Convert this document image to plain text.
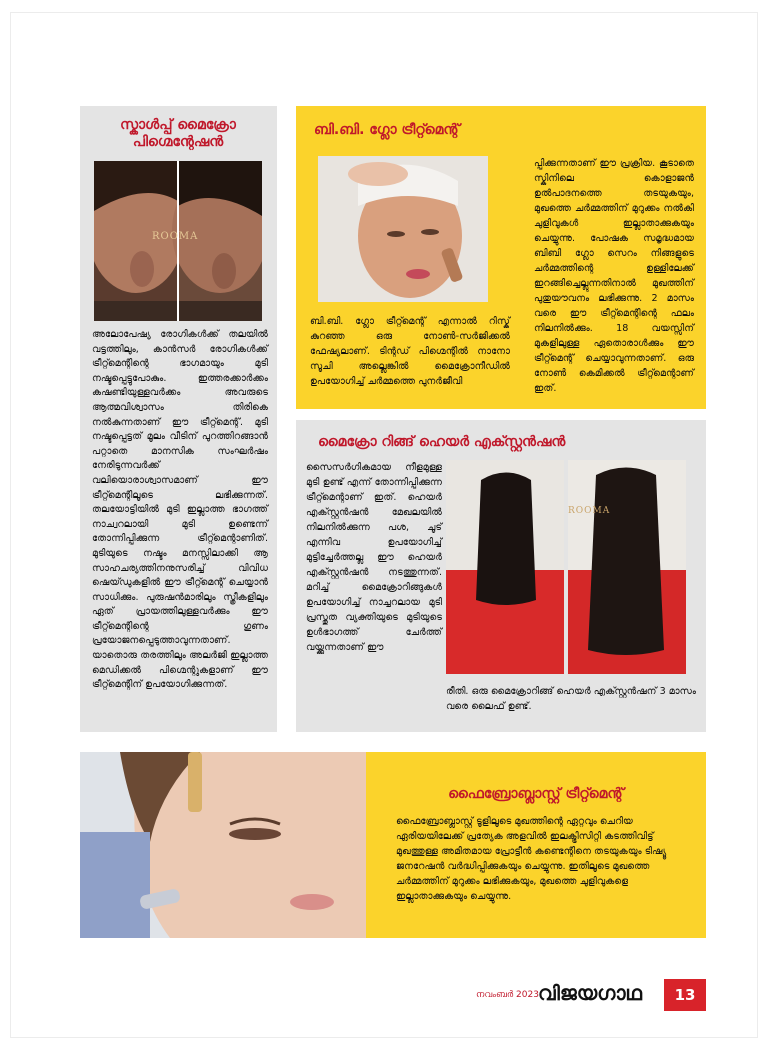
സ്കാൾപ്പ് മൈക്രോ പിഗ്മെന്റേഷൻ
ROOMA
അലോപേഷ്യ രോഗികൾക്ക് തലയിൽ വട്ടത്തിലും, കാൻസർ രോഗികൾക്ക് ട്രീറ്റ്മെന്റിന്റെ ഭാഗമായും മുടി നഷ്ടപ്പെട്ടുപോകും. ഇത്തരക്കാർക്കം കഷണ്ടിയുള്ളവർക്കം അവരുടെ ആത്മവിശ്വാസം തിരികെ നൽകുന്നതാണ് ഈ ട്രീറ്റ്മെന്റ്. മുടി നഷ്ടപ്പെട്ടത് മൂലം വീടിന് പുറത്തിറങ്ങാൻ പറ്റാതെ മാനസിക സംഘർഷം നേരിടുന്നവർക്ക് വലിയൊരാശ്വാസമാണ് ഈ ട്രീറ്റ്മെന്റിലൂടെ ലഭിക്കുന്നത്. തലയോട്ടിയിൽ മുടി ഇല്ലാത്ത ഭാഗത്ത് നാച്വറലായി മുടി ഉണ്ടെന്ന് തോന്നിപ്പിക്കുന്ന ട്രീറ്റ്മെന്റാണിത്. മുടിയുടെ നഷ്ടം മനസ്സിലാക്കി ആ സാഹചര്യത്തിനനുസരിച്ച് വിവിധ ഷെയ്ഡുകളിൽ ഈ ട്രീറ്റ്മെന്റ് ചെയ്യാൻ സാധിക്കും. പുരുഷൻമാരിലും സ്ത്രീകളിലും ഏത് പ്രായത്തിലുള്ളവർക്കും ഈ ട്രീറ്റ്മെന്റിന്റെ ഗുണം പ്രയോജനപ്പെടുത്താവുന്നതാണ്. യാതൊരു തരത്തിലും അലർജി ഇല്ലാത്ത മെഡിക്കൽ പിഗ്മെന്റുകളാണ് ഈ ട്രീറ്റ്മെന്റിന് ഉപയോഗിക്കുന്നത്.
ബി.ബി. ഗ്ലോ ട്രീറ്റ്മെന്റ്
ബി.ബി. ഗ്ലോ ട്രീറ്റ്മെന്റ് എന്നാൽ റിസ്ക് കുറഞ്ഞ ഒരു നോൺ-സർജിക്കൽ ഫേഷ്യലാണ്. ടിന്റഡ് പിഗ്മെന്റിൽ നാനോ സൂചി അല്ലെങ്കിൽ മൈക്രോനീഡിൽ ഉപയോഗിച്ച് ചർമ്മത്തെ പുനർജീവി
പ്പിക്കുന്നതാണ് ഈ പ്രക്രിയ. കൂടാതെ സ്കിനിലെ കൊളാജൻ ഉൽപാദനത്തെ തടയുകയും, മുഖത്തെ ചർമ്മത്തിന് മുറുക്കം നൽകി ചുളിവുകൾ ഇല്ലാതാക്കുകയും ചെയ്യുന്നു. പോഷക സമൃദ്ധമായ ബിബി ഗ്ലോ സെറം നിങ്ങളുടെ ചർമ്മത്തിന്റെ ഉള്ളിലേക്ക് ഇറങ്ങിച്ചെല്ലുന്നതിനാൽ മുഖത്തിന് പുതുയൗവനം ലഭിക്കുന്നു. 2 മാസം വരെ ഈ ട്രീറ്റ്മെന്റിന്റെ ഫലം നിലനിൽക്കും. 18 വയസ്സിന് മുകളിലുള്ള ഏതൊരാൾക്കും ഈ ട്രീറ്റ്മെന്റ് ചെയ്യാവുന്നതാണ്. ഒരു നോൺ കെമിക്കൽ ട്രീറ്റ്മെന്റാണ് ഇത്.
മൈക്രോ റിങ്ങ് ഹെയർ എക്സ്റ്റൻഷൻ
സൈസർഗികമായ നീളമുള്ള മുടി ഉണ്ട് എന്ന് തോന്നിപ്പിക്കുന്ന ട്രീറ്റ്മെന്റാണ് ഇത്. ഹെയർ എക്സ്റ്റൻഷൻ മേഖലയിൽ നിലനിൽക്കുന്ന പശ, ചൂട് എന്നിവ ഉപയോഗിച്ച് മുട്ടിച്ചേർത്തല്ല ഈ ഹെയർ എക്സ്റ്റൻഷൻ നടത്തുന്നത്. മറിച്ച് മൈക്രോറിങ്ങുകൾ ഉപയോഗിച്ച് നാച്ചറലായ മുടി പ്രസ്തുത വ്യക്തിയുടെ മുടിയുടെ ഉൾഭാഗത്ത് ചേർത്ത് വയ്ക്കുന്നതാണ് ഈ
ROOMA
രീതി. ഒരു മൈക്രോറിങ്ങ് ഹെയർ എക്സ്റ്റൻഷന് 3 മാസം വരെ ലൈഫ് ഉണ്ട്.
ഫൈബ്രോബ്ലാസ്റ്റ് ട്രീറ്റ്മെന്റ്
ഫൈബ്രോബ്ലാസ്റ്റ് ടൂളിലൂടെ മുഖത്തിന്റെ ഏറ്റവും ചെറിയ ഏരിയയിലേക്ക് പ്രത്യേക അളവിൽ ഇലക്ട്രിസിറ്റി കടത്തിവിട്ട് മുഖത്തുള്ള അമിതമായ പ്രോട്ടീൻ കണ്ടെന്റിനെ തടയുകയും ടിഷ്യൂ ജനറേഷൻ വർദ്ധിപ്പിക്കുകയും ചെയ്യുന്നു. ഇതിലൂടെ മുഖത്തെ ചർമ്മത്തിന് മുറുക്കം ലഭിക്കുകയും, മുഖത്തെ ചുളിവുകളെ ഇല്ലാതാക്കുകയും ചെയ്യുന്നു.
നവംബർ 2023 വിജയഗാഥ	13
